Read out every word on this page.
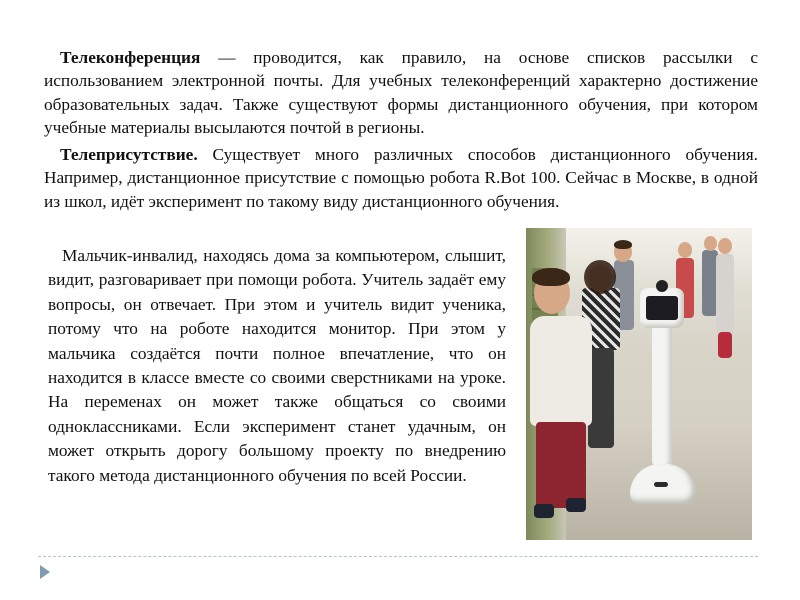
Телеконференция — проводится, как правило, на основе списков рассылки с использованием электронной почты. Для учебных телеконференций характерно достижение образовательных задач. Также существуют формы дистанционного обучения, при котором учебные материалы высылаются почтой в регионы.

Телеприсутствие. Существует много различных способов дистанционного обучения. Например, дистанционное присутствие с помощью робота R.Bot 100. Сейчас в Москве, в одной из школ, идёт эксперимент по такому виду дистанционного обучения.

Мальчик-инвалид, находясь дома за компьютером, слышит, видит, разговаривает при помощи робота. Учитель задаёт ему вопросы, он отвечает. При этом и учитель видит ученика, потому что на роботе находится монитор. При этом у мальчика создаётся почти полное впечатление, что он находится в классе вместе со своими сверстниками на уроке. На переменах он может также общаться со своими одноклассниками. Если эксперимент станет удачным, он может открыть дорогу большому проекту по внедрению такого метода дистанционного обучения по всей России.
